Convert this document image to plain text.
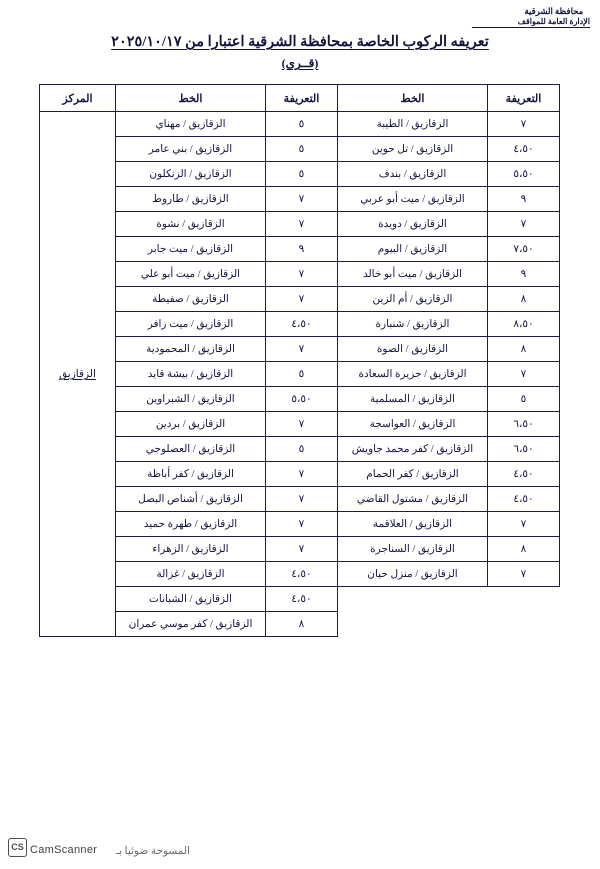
محافظة الشرقية
الإدارة العامة للمواقف
تعريفه الركوب الخاصة بمحافظة الشرقية اعتبارا من ٢٠٢٥/١٠/١٧
(قــرى)
التعريفة	الخط	التعريفة	الخط	المركز
٧	الزقازيق / الطيبة	٥	الزقازيق / مهناي	الزقازيق
٤،٥٠	الزقازيق / تل حوين	٥	الزقازيق / بني عامر	
٥،٥٠	الزقازيق / بندف	٥	الزقازيق / الزنكلون	
٩	الزقازيق / ميت أبو عربي	٧	الزقازيق / طاروط	
٧	الزقازيق / دويدة	٧	الزقازيق / نشوة	
٧،٥٠	الزقازيق / البيوم	٩	الزقازيق / ميت جابر	
٩	الزقازيق / ميت أبو خالد	٧	الزقازيق / ميت أبو علي	
٨	الزقازيق / أم الزين	٧	الزقازيق / صفيطة	
٨،٥٠	الزقازيق / شنبارة	٤،٥٠	الزقازيق / ميت زافر	
٨	الزقازيق / الصوة	٧	الزقازيق / المحمودية	
٧	الزقازيق / جزيرة السعادة	٥	الزقازيق / بيشة قايد	
٥	الزقازيق / المسلمية	٥،٥٠	الزقازيق / الشبراوين	
٦،٥٠	الزقازيق / العواسجة	٧	الزقازيق / بردين	
٦،٥٠	الزقازيق / كفر محمد جاويش	٥	الزقازيق / العصلوجي	
٤،٥٠	الزقازيق / كفر الحمام	٧	الزقازيق / كفر أباظة	
٤،٥٠	الزقازيق / مشتول القاضي	٧	الزقازيق / أشناص البصل	
٧	الزقازيق / العلاقمة	٧	الزقازيق / طهرة حميد	
٨	الزقازيق / السناجرة	٧	الزقازيق / الزهراء	
٧	الزقازيق / منزل حيان	٤،٥٠	الزقازيق / غزالة	
		٤،٥٠	الزقازيق / الشبانات	
		٨	الزقازيق / كفر موسي عمران	
CS CamScanner المسوحة ضوئيا بـ
